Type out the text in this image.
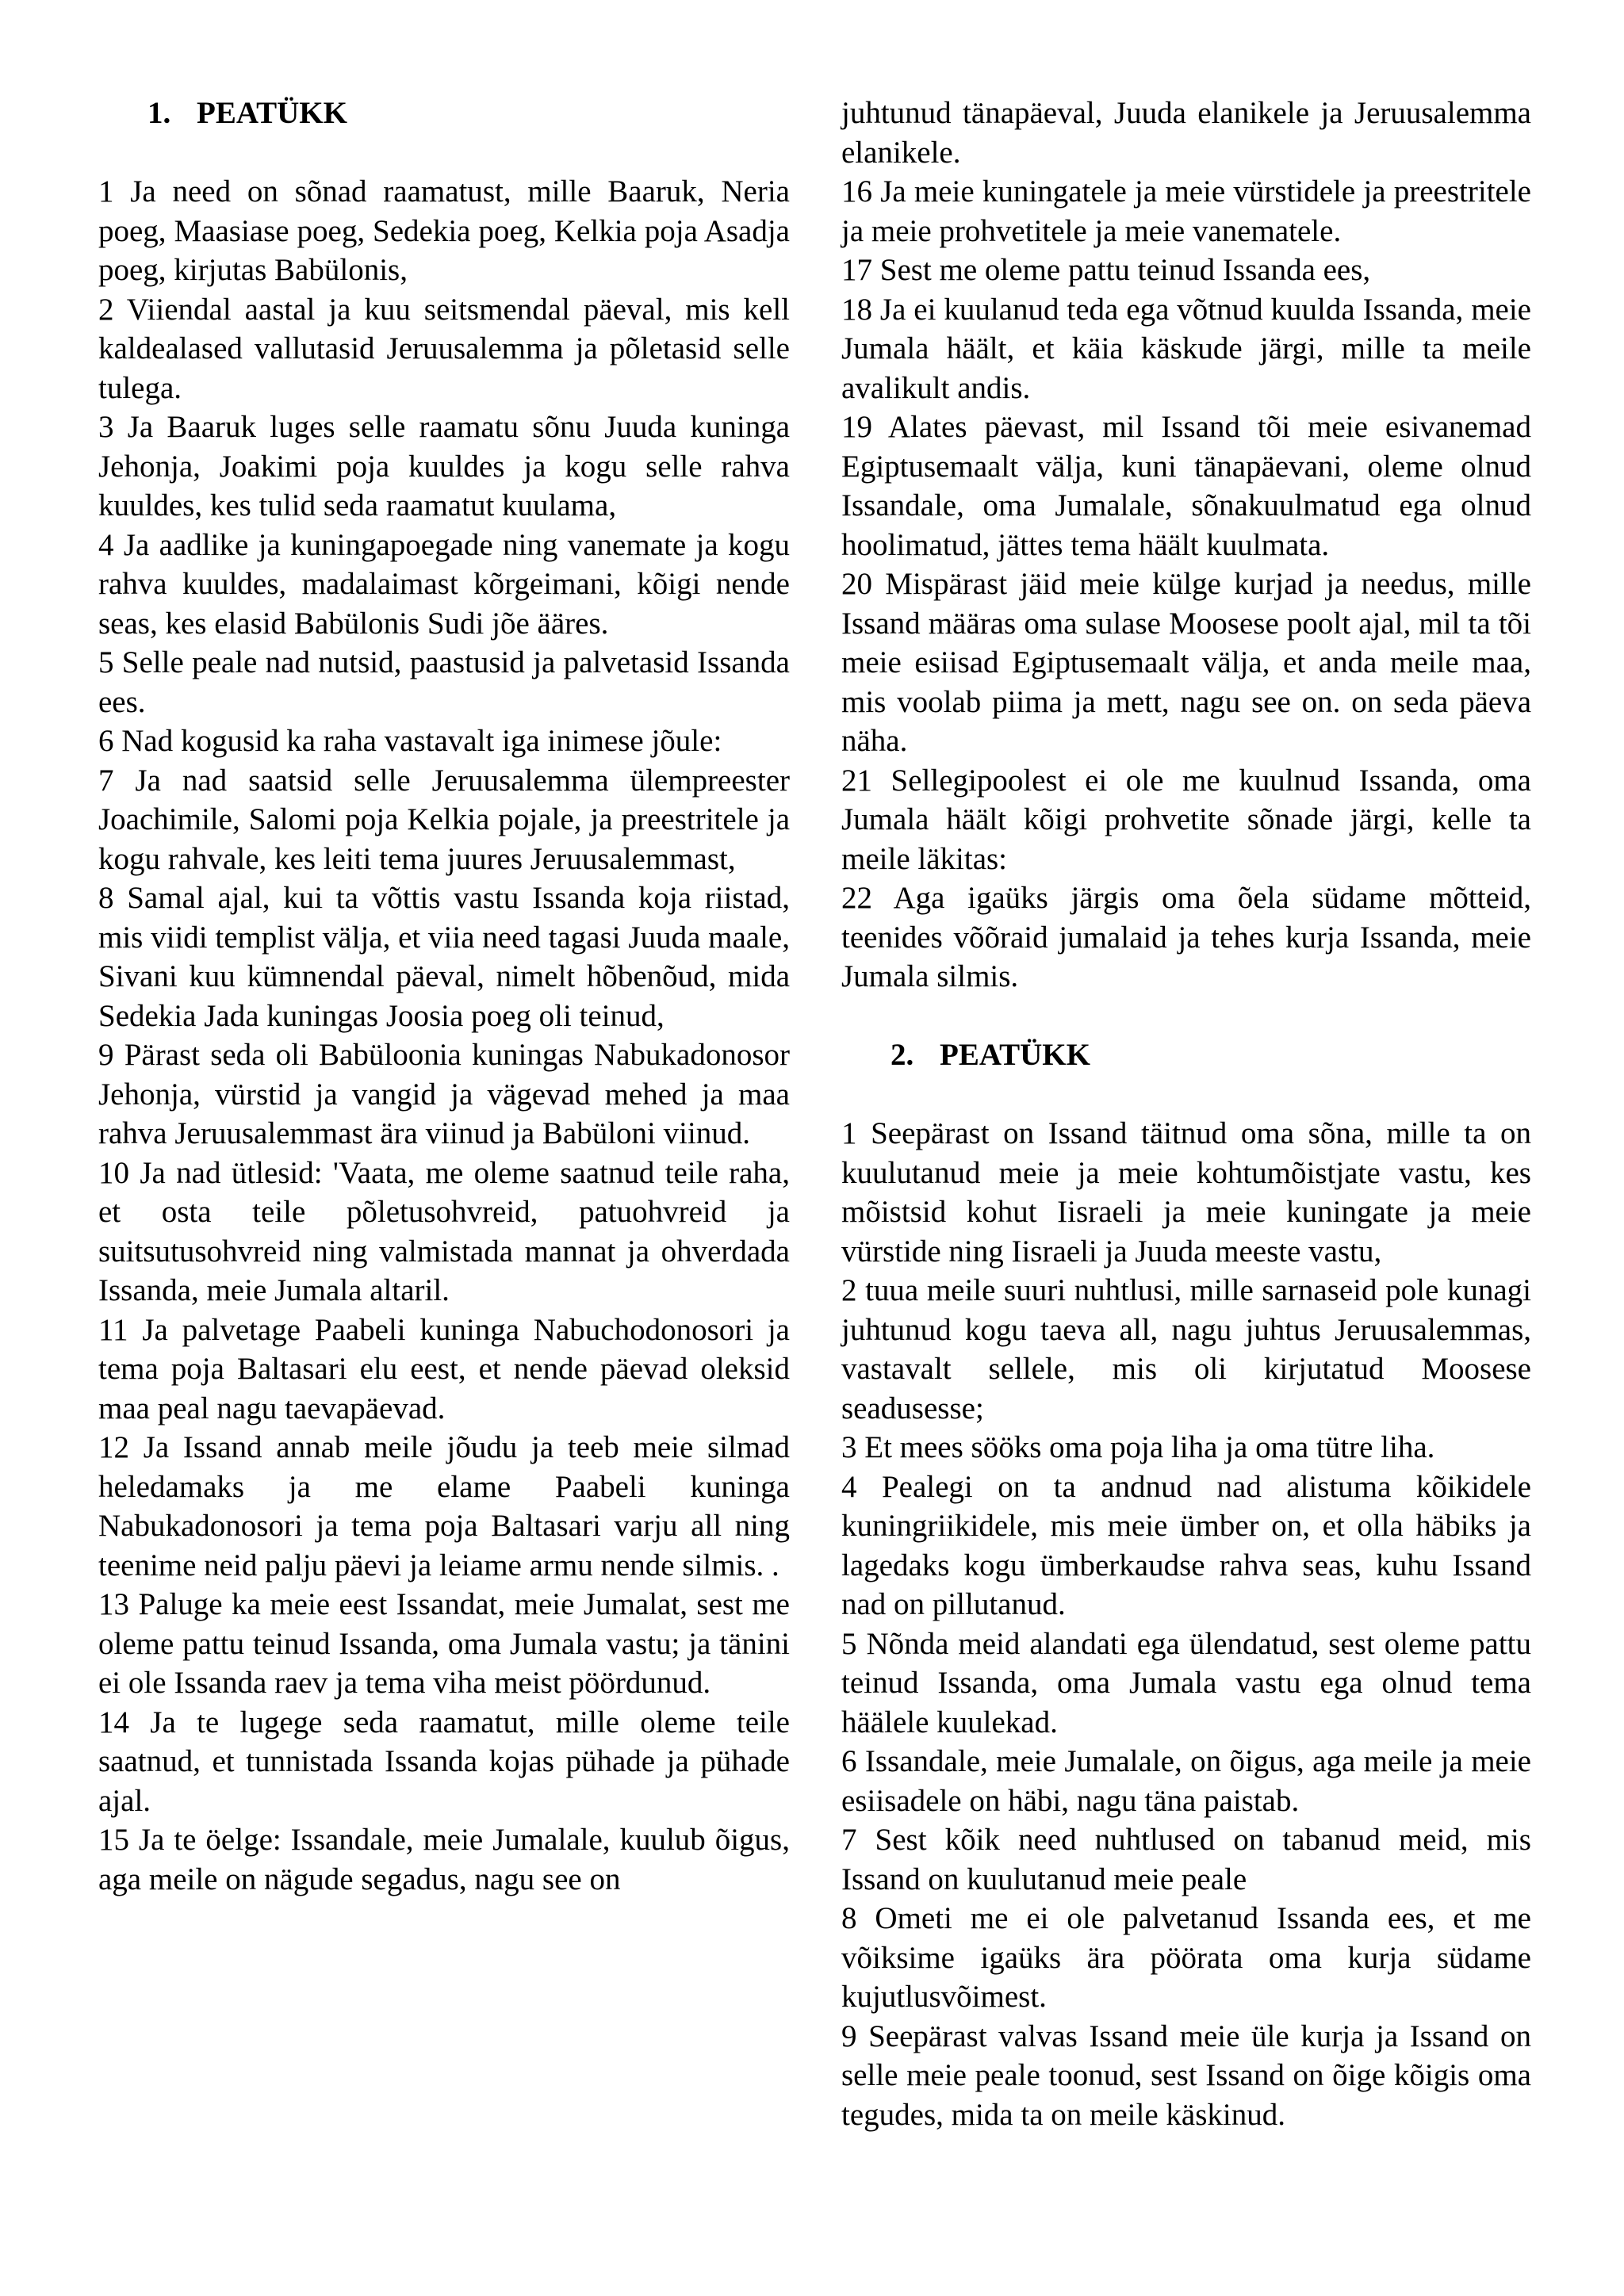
1. PEATÜKK

1 Ja need on sõnad raamatust, mille Baaruk, Neria poeg, Maasiase poeg, Sedekia poeg, Kelkia poja Asadja poeg, kirjutas Babülonis,

2 Viiendal aastal ja kuu seitsmendal päeval, mis kell kaldealased vallutasid Jeruusalemma ja põletasid selle tulega.

3 Ja Baaruk luges selle raamatu sõnu Juuda kuninga Jehonja, Joakimi poja kuuldes ja kogu selle rahva kuuldes, kes tulid seda raamatut kuulama,

4 Ja aadlike ja kuningapoegade ning vanemate ja kogu rahva kuuldes, madalaimast kõrgeimani, kõigi nende seas, kes elasid Babülonis Sudi jõe ääres.

5 Selle peale nad nutsid, paastusid ja palvetasid Issanda ees.

6 Nad kogusid ka raha vastavalt iga inimese jõule:

7 Ja nad saatsid selle Jeruusalemma ülempreester Joachimile, Salomi poja Kelkia pojale, ja preestritele ja kogu rahvale, kes leiti tema juures Jeruusalemmast,

8 Samal ajal, kui ta võttis vastu Issanda koja riistad, mis viidi templist välja, et viia need tagasi Juuda maale, Sivani kuu kümnendal päeval, nimelt hõbenõud, mida Sedekia Jada kuningas Joosia poeg oli teinud,

9 Pärast seda oli Babüloonia kuningas Nabukadonosor Jehonja, vürstid ja vangid ja vägevad mehed ja maa rahva Jeruusalemmast ära viinud ja Babüloni viinud.

10 Ja nad ütlesid: 'Vaata, me oleme saatnud teile raha, et osta teile põletusohvreid, patuohvreid ja suitsutusohvreid ning valmistada mannat ja ohverdada Issanda, meie Jumala altaril.

11 Ja palvetage Paabeli kuninga Nabuchodonosori ja tema poja Baltasari elu eest, et nende päevad oleksid maa peal nagu taevapäevad.

12 Ja Issand annab meile jõudu ja teeb meie silmad heledamaks ja me elame Paabeli kuninga Nabukadonosori ja tema poja Baltasari varju all ning teenime neid palju päevi ja leiame armu nende silmis. .

13 Paluge ka meie eest Issandat, meie Jumalat, sest me oleme pattu teinud Issanda, oma Jumala vastu; ja tänini ei ole Issanda raev ja tema viha meist pöördunud.

14 Ja te lugege seda raamatut, mille oleme teile saatnud, et tunnistada Issanda kojas pühade ja pühade ajal.

15 Ja te öelge: Issandale, meie Jumalale, kuulub õigus, aga meile on nägude segadus, nagu see on

juhtunud tänapäeval, Juuda elanikele ja Jeruusalemma elanikele.

16 Ja meie kuningatele ja meie vürstidele ja preestritele ja meie prohvetitele ja meie vanematele.

17 Sest me oleme pattu teinud Issanda ees,

18 Ja ei kuulanud teda ega võtnud kuulda Issanda, meie Jumala häält, et käia käskude järgi, mille ta meile avalikult andis.

19 Alates päevast, mil Issand tõi meie esivanemad Egiptusemaalt välja, kuni tänapäevani, oleme olnud Issandale, oma Jumalale, sõnakuulmatud ega olnud hoolimatud, jättes tema häält kuulmata.

20 Mispärast jäid meie külge kurjad ja needus, mille Issand määras oma sulase Moosese poolt ajal, mil ta tõi meie esiisad Egiptusemaalt välja, et anda meile maa, mis voolab piima ja mett, nagu see on. on seda päeva näha.

21 Sellegipoolest ei ole me kuulnud Issanda, oma Jumala häält kõigi prohvetite sõnade järgi, kelle ta meile läkitas:

22 Aga igaüks järgis oma õela südame mõtteid, teenides võõraid jumalaid ja tehes kurja Issanda, meie Jumala silmis.

2. PEATÜKK

1 Seepärast on Issand täitnud oma sõna, mille ta on kuulutanud meie ja meie kohtumõistjate vastu, kes mõistsid kohut Iisraeli ja meie kuningate ja meie vürstide ning Iisraeli ja Juuda meeste vastu,

2 tuua meile suuri nuhtlusi, mille sarnaseid pole kunagi juhtunud kogu taeva all, nagu juhtus Jeruusalemmas, vastavalt sellele, mis oli kirjutatud Moosese seadusesse;

3 Et mees sööks oma poja liha ja oma tütre liha.

4 Pealegi on ta andnud nad alistuma kõikidele kuningriikidele, mis meie ümber on, et olla häbiks ja lagedaks kogu ümberkaudse rahva seas, kuhu Issand nad on pillutanud.

5 Nõnda meid alandati ega ülendatud, sest oleme pattu teinud Issanda, oma Jumala vastu ega olnud tema häälele kuulekad.

6 Issandale, meie Jumalale, on õigus, aga meile ja meie esiisadele on häbi, nagu täna paistab.

7 Sest kõik need nuhtlused on tabanud meid, mis Issand on kuulutanud meie peale

8 Ometi me ei ole palvetanud Issanda ees, et me võiksime igaüks ära pöörata oma kurja südame kujutlusvõimest.

9 Seepärast valvas Issand meie üle kurja ja Issand on selle meie peale toonud, sest Issand on õige kõigis oma tegudes, mida ta on meile käskinud.
